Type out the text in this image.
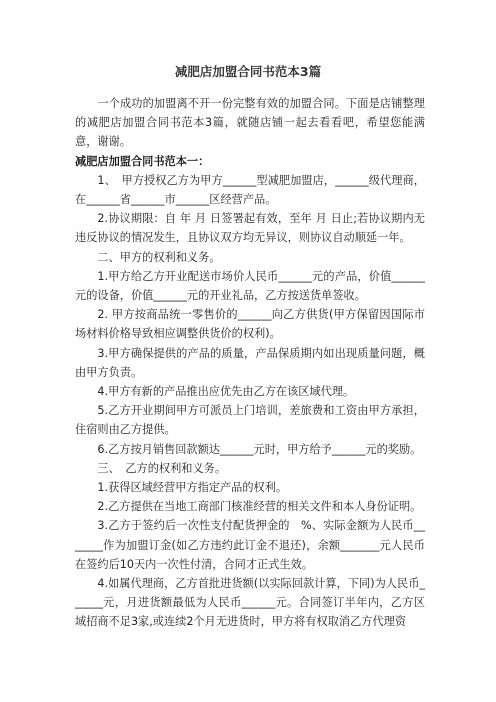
减肥店加盟合同书范本3篇

一个成功的加盟离不开一份完整有效的加盟合同。下面是店铺整理的减肥店加盟合同书范本3篇，就随店铺一起去看看吧，希望您能满意，谢谢。

减肥店加盟合同书范本一：

1、　甲方授权乙方为甲方______型减肥加盟店，______级代理商，在______省______市______区经营产品。

2.协议期限：自 年 月 日签署起有效，至年 月 日止;若协议期内无违反协议的情况发生，且协议双方均无异议，则协议自动顺延一年。

二、甲方的权利和义务。

1.甲方给乙方开业配送市场价人民币______元的产品，价值______元的设备，价值______元的开业礼品，乙方按送货单签收。

2. 甲方按商品统一零售价的______向乙方供货(甲方保留因国际市场材料价格导致相应调整供货价的权利)。

3.甲方确保提供的产品的质量，产品保质期内如出现质量问题，概由甲方负责。

4.甲方有新的产品推出应优先由乙方在该区域代理。

5.乙方开业期间甲方可派员上门培训，差旅费和工资由甲方承担，住宿则由乙方提供。

6.乙方按月销售回款额达______元时，甲方给予______元的奖励。

三、　乙方的权利和义务。

1.获得区域经营甲方指定产品的权利。

2.乙方提供在当地工商部门核准经营的相关文件和本人身份证明。

3.乙方于签约后一次性支付配货押金的　%、实际金额为人民币_______作为加盟订金(如乙方违约此订金不退还)，余额_______元人民币在签约后10天内一次性付清，合同才正式生效。

4.如属代理商，乙方首批进货额(以实际回款计算，下同)为人民币______元，月进货额最低为人民币______元。合同签订半年内，乙方区域招商不足3家,或连续2个月无进货时，甲方将有权取消乙方代理资
